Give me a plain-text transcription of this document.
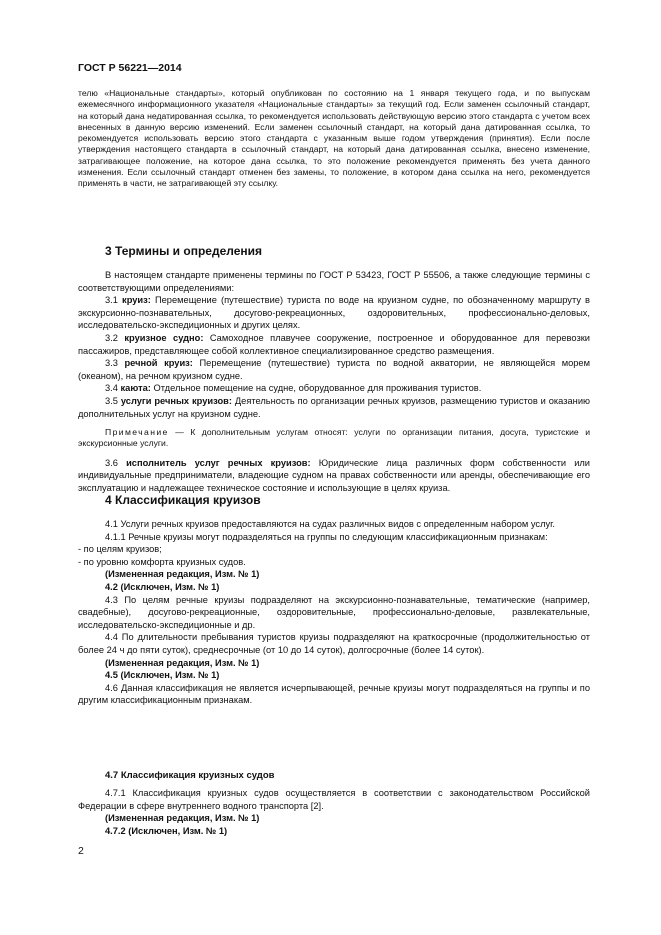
ГОСТ Р 56221—2014

телю «Национальные стандарты», который опубликован по состоянию на 1 января текущего года, и по выпускам ежемесячного информационного указателя «Национальные стандарты» за текущий год. Если заменен ссылочный стандарт, на который дана недатированная ссылка, то рекомендуется использовать действующую версию этого стандарта с учетом всех внесенных в данную версию изменений. Если заменен ссылочный стандарт, на который дана датированная ссылка, то рекомендуется использовать версию этого стандарта с указанным выше годом утверждения (принятия). Если после утверждения настоящего стандарта в ссылочный стандарт, на который дана датированная ссылка, внесено изменение, затрагивающее положение, на которое дана ссылка, то это положение рекомендуется применять без учета данного изменения. Если ссылочный стандарт отменен без замены, то положение, в котором дана ссылка на него, рекомендуется применять в части, не затрагивающей эту ссылку.

3 Термины и определения

В настоящем стандарте применены термины по ГОСТ Р 53423, ГОСТ Р 55506, а также следующие термины с соответствующими определениями:

3.1 круиз: Перемещение (путешествие) туриста по воде на круизном судне, по обозначенному маршруту в экскурсионно-познавательных, досугово-рекреационных, оздоровительных, профессионально-деловых, исследовательско-экспедиционных и других целях.

3.2 круизное судно: Самоходное плавучее сооружение, построенное и оборудованное для перевозки пассажиров, представляющее собой коллективное специализированное средство размещения.

3.3 речной круиз: Перемещение (путешествие) туриста по водной акватории, не являющейся морем (океаном), на речном круизном судне.

3.4 каюта: Отдельное помещение на судне, оборудованное для проживания туристов.

3.5 услуги речных круизов: Деятельность по организации речных круизов, размещению туристов и оказанию дополнительных услуг на круизном судне.

Примечание — К дополнительным услугам относят: услуги по организации питания, досуга, туристские и экскурсионные услуги.

3.6 исполнитель услуг речных круизов: Юридические лица различных форм собственности или индивидуальные предприниматели, владеющие судном на правах собственности или аренды, обеспечивающие его эксплуатацию и надлежащее техническое состояние и использующие в целях круиза.

4 Классификация круизов

4.1 Услуги речных круизов предоставляются на судах различных видов с определенным набором услуг.

4.1.1 Речные круизы могут подразделяться на группы по следующим классификационным признакам:

- по целям круизов;

- по уровню комфорта круизных судов.

(Измененная редакция, Изм. № 1)

4.2 (Исключен, Изм. № 1)

4.3 По целям речные круизы подразделяют на экскурсионно-познавательные, тематические (например, свадебные), досугово-рекреационные, оздоровительные, профессионально-деловые, развлекательные, исследовательско-экспедиционные и др.

4.4 По длительности пребывания туристов круизы подразделяют на краткосрочные (продолжительностью от более 24 ч до пяти суток), среднесрочные (от 10 до 14 суток), долгосрочные (более 14 суток).

(Измененная редакция, Изм. № 1)

4.5 (Исключен, Изм. № 1)

4.6 Данная классификация не является исчерпывающей, речные круизы могут подразделяться на группы и по другим классификационным признакам.

4.7 Классификация круизных судов

4.7.1 Классификация круизных судов осуществляется в соответствии с законодательством Российской Федерации в сфере внутреннего водного транспорта [2].

(Измененная редакция, Изм. № 1)

4.7.2 (Исключен, Изм. № 1)

2
